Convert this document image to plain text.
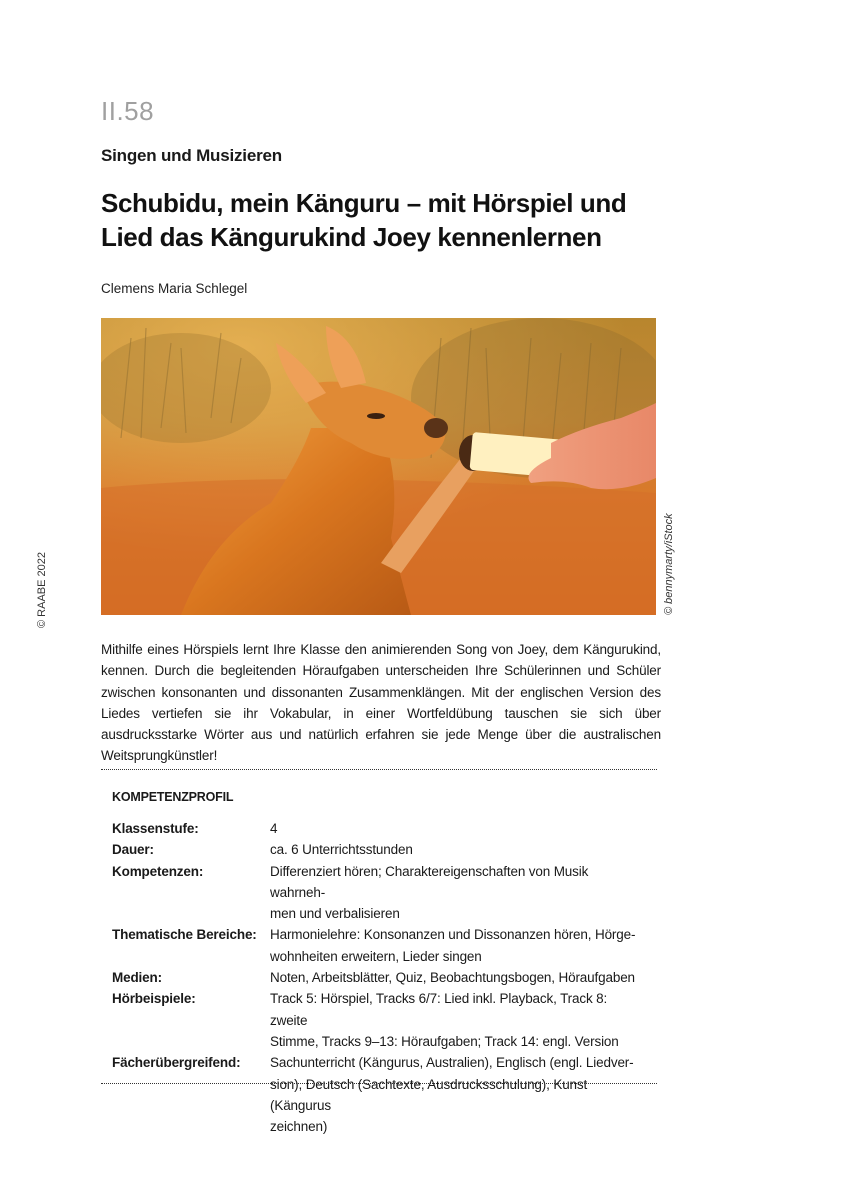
II.58
Singen und Musizieren
Schubidu, mein Känguru – mit Hörspiel und
Lied das Kängurukind Joey kennenlernen
Clemens Maria Schlegel
© bennymarty/iStock
© RAABE 2022

Mithilfe eines Hörspiels lernt Ihre Klasse den animierenden Song von Joey, dem Kängurukind, kennen. Durch die begleitenden Höraufgaben unterscheiden Ihre Schülerinnen und Schüler zwischen konsonanten und dissonanten Zusammenklängen. Mit der englischen Version des Liedes vertiefen sie ihr Vokabular, in einer Wortfeldübung tauschen sie sich über ausdrucksstarke Wörter aus und natürlich erfahren sie jede Menge über die australischen Weitsprungkünstler!

KOMPETENZPROFIL
Klassenstufe:	4
Dauer:	ca. 6 Unterrichtsstunden
Kompetenzen:	Differenziert hören; Charaktereigenschaften von Musik wahrneh-
men und verbalisieren
Thematische Bereiche: Harmonielehre: Konsonanzen und Dissonanzen hören, Hörge-
wohnheiten erweitern, Lieder singen
Medien:	Noten, Arbeitsblätter, Quiz, Beobachtungsbogen, Höraufgaben
Hörbeispiele:	Track 5: Hörspiel, Tracks 6/7: Lied inkl. Playback, Track 8: zweite
Stimme, Tracks 9–13: Höraufgaben; Track 14: engl. Version
Fächerübergreifend:	Sachunterricht (Kängurus, Australien), Englisch (engl. Liedver-
sion), Deutsch (Sachtexte, Ausdrucksschulung), Kunst (Kängurus
zeichnen)
